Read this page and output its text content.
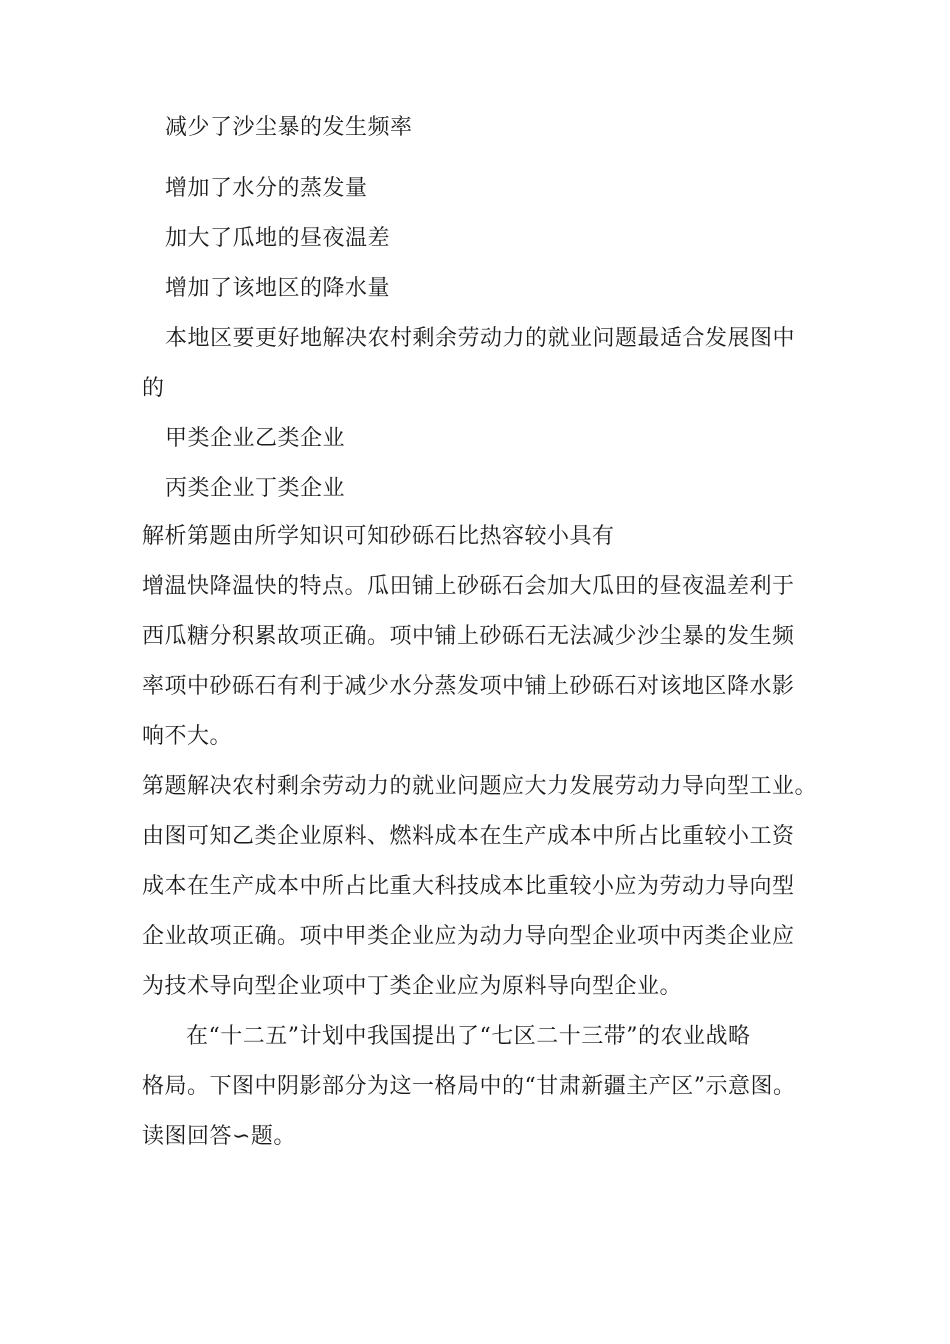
减少了沙尘暴的发生频率
增加了水分的蒸发量
加大了瓜地的昼夜温差
增加了该地区的降水量
本地区要更好地解决农村剩余劳动力的就业问题最适合发展图中
的
甲类企业乙类企业
丙类企业丁类企业
解析第题由所学知识可知砂砾石比热容较小具有
增温快降温快的特点。瓜田铺上砂砾石会加大瓜田的昼夜温差利于
西瓜糖分积累故项正确。项中铺上砂砾石无法减少沙尘暴的发生频
率项中砂砾石有利于减少水分蒸发项中铺上砂砾石对该地区降水影
响不大。
第题解决农村剩余劳动力的就业问题应大力发展劳动力导向型工业。
由图可知乙类企业原料、燃料成本在生产成本中所占比重较小工资
成本在生产成本中所占比重大科技成本比重较小应为劳动力导向型
企业故项正确。项中甲类企业应为动力导向型企业项中丙类企业应
为技术导向型企业项中丁类企业应为原料导向型企业。
在“十二五”计划中我国提出了“七区二十三带”的农业战略
格局。下图中阴影部分为这一格局中的“甘肃新疆主产区”示意图。
读图回答∽题。
